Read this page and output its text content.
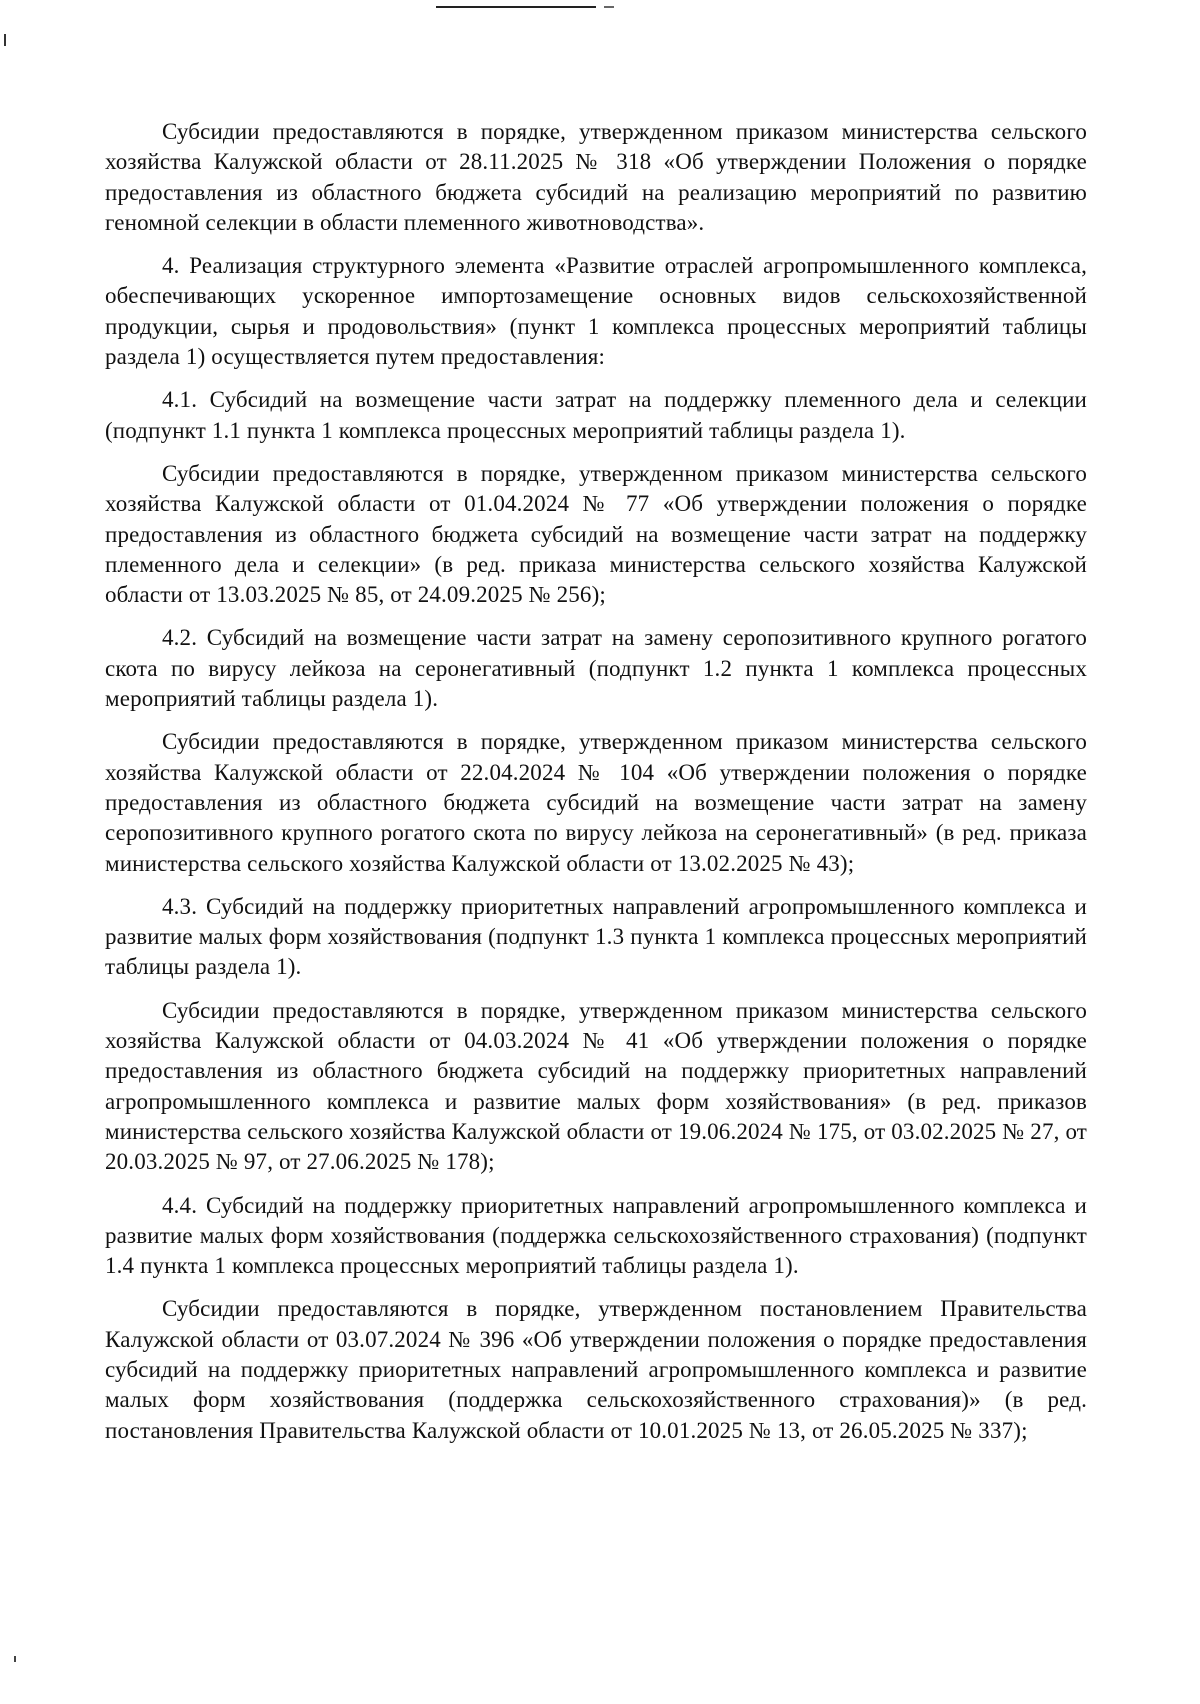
Субсидии предоставляются в порядке, утвержденном приказом министерства сельского хозяйства Калужской области от 28.11.2025 № 318 «Об утверждении Положения о порядке предоставления из областного бюджета субсидий на реализацию мероприятий по развитию геномной селекции в области племенного животноводства».

4. Реализация структурного элемента «Развитие отраслей агропромышленного комплекса, обеспечивающих ускоренное импортозамещение основных видов сельскохозяйственной продукции, сырья и продовольствия» (пункт 1 комплекса процессных мероприятий таблицы раздела 1) осуществляется путем предоставления:

4.1. Субсидий на возмещение части затрат на поддержку племенного дела и селекции (подпункт 1.1 пункта 1 комплекса процессных мероприятий таблицы раздела 1).

Субсидии предоставляются в порядке, утвержденном приказом министерства сельского хозяйства Калужской области от 01.04.2024 № 77 «Об утверждении положения о порядке предоставления из областного бюджета субсидий на возмещение части затрат на поддержку племенного дела и селекции» (в ред. приказа министерства сельского хозяйства Калужской области от 13.03.2025 № 85, от 24.09.2025 № 256);

4.2. Субсидий на возмещение части затрат на замену серопозитивного крупного рогатого скота по вирусу лейкоза на серонегативный (подпункт 1.2 пункта 1 комплекса процессных мероприятий таблицы раздела 1).

Субсидии предоставляются в порядке, утвержденном приказом министерства сельского хозяйства Калужской области от 22.04.2024 № 104 «Об утверждении положения о порядке предоставления из областного бюджета субсидий на возмещение части затрат на замену серопозитивного крупного рогатого скота по вирусу лейкоза на серонегативный» (в ред. приказа министерства сельского хозяйства Калужской области от 13.02.2025 № 43);

4.3. Субсидий на поддержку приоритетных направлений агропромышленного комплекса и развитие малых форм хозяйствования (подпункт 1.3 пункта 1 комплекса процессных мероприятий таблицы раздела 1).

Субсидии предоставляются в порядке, утвержденном приказом министерства сельского хозяйства Калужской области от 04.03.2024 № 41 «Об утверждении положения о порядке предоставления из областного бюджета субсидий на поддержку приоритетных направлений агропромышленного комплекса и развитие малых форм хозяйствования» (в ред. приказов министерства сельского хозяйства Калужской области от 19.06.2024 № 175, от 03.02.2025 № 27, от 20.03.2025 № 97, от 27.06.2025 № 178);

4.4. Субсидий на поддержку приоритетных направлений агропромышленного комплекса и развитие малых форм хозяйствования (поддержка сельскохозяйственного страхования) (подпункт 1.4 пункта 1 комплекса процессных мероприятий таблицы раздела 1).

Субсидии предоставляются в порядке, утвержденном постановлением Правительства Калужской области от 03.07.2024 № 396 «Об утверждении положения о порядке предоставления субсидий на поддержку приоритетных направлений агропромышленного комплекса и развитие малых форм хозяйствования (поддержка сельскохозяйственного страхования)» (в ред. постановления Правительства Калужской области от 10.01.2025 № 13, от 26.05.2025 № 337);
